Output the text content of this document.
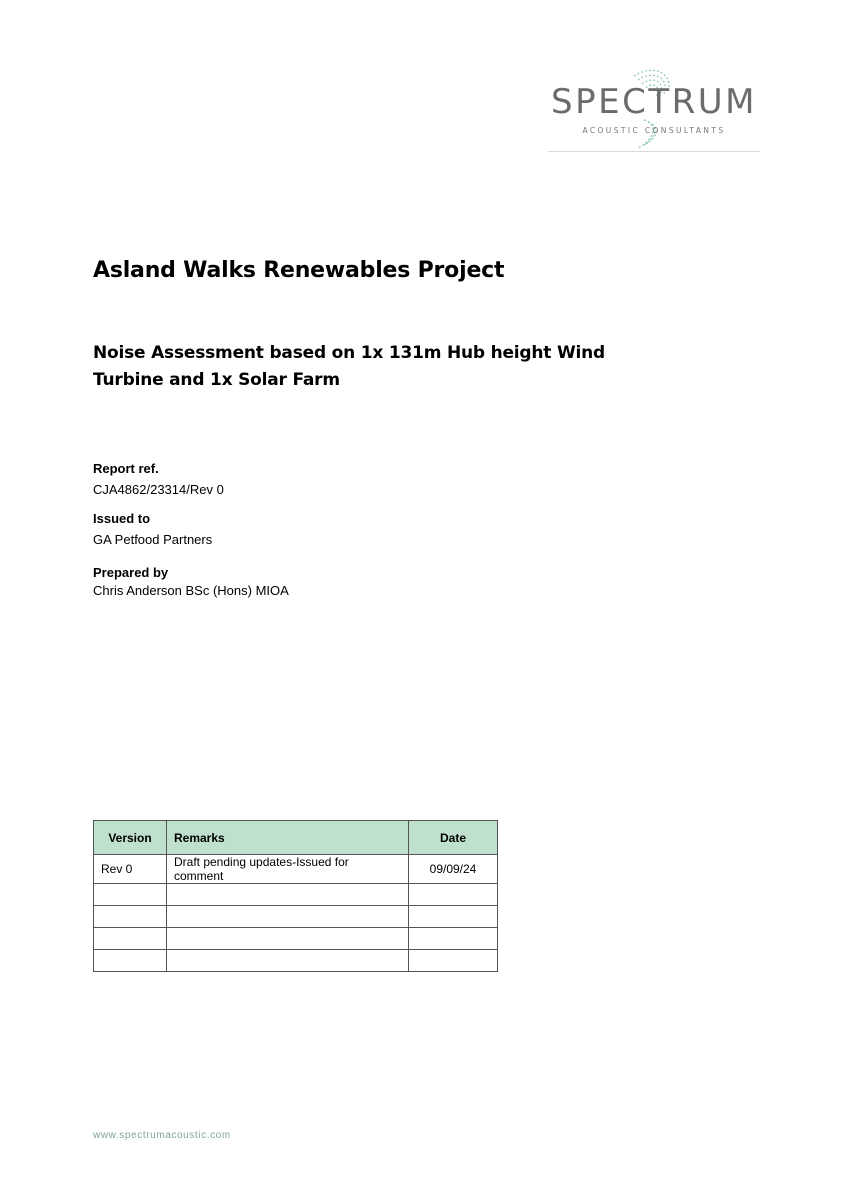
SPECTRUM
ACOUSTIC CONSULTANTS
Asland Walks Renewables Project
Noise Assessment based on 1x 131m Hub height Wind Turbine and 1x Solar Farm
Report ref.
CJA4862/23314/Rev 0
Issued to
GA Petfood Partners
Prepared by
Chris Anderson BSc (Hons) MIOA
Version	Remarks	Date
Rev 0	Draft pending updates-Issued for comment	09/09/24

www.spectrumacoustic.com
